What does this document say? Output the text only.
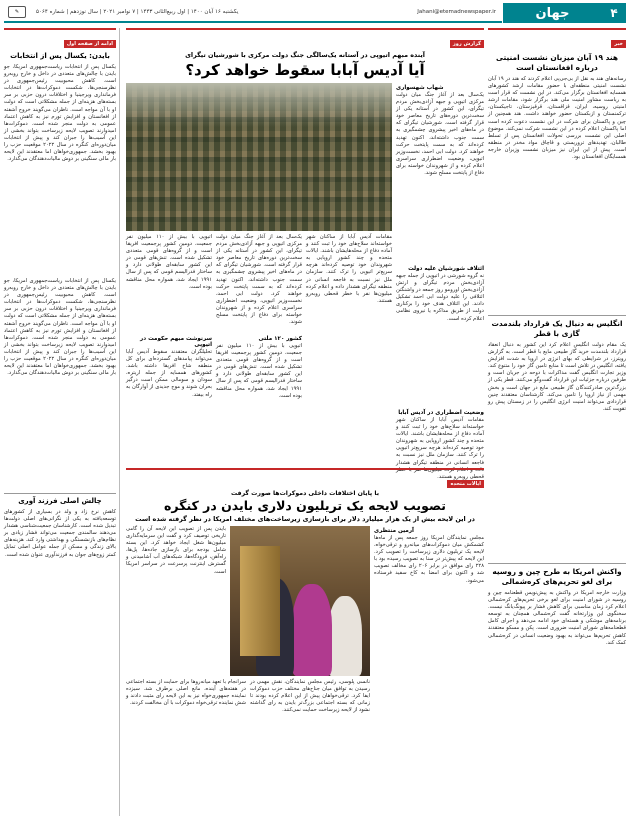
۴
جهان
Jahani@etemadnewspaper.ir
یکشنبه ۱۶ آبان ۱۴۰۰ | اول ربیع‌الثانی ۱۴۴۳ | ۷ نوامبر ۲۰۲۱ | سال نوزدهم | شماره ۵۰۶۴
✎
خبر
هند ۱۹ آبان میزبان نشست امنیتی درباره افغانستان است
رسانه‌های هند به نقل از بی‌جی‌پی اعلام کردند که هند در ۱۹ آبان نشست امنیتی منطقه‌ای با حضور مقامات ارشد کشورهای همسایه افغانستان برگزار می‌کند. در این نشست که قرار است به ریاست مشاور امنیت ملی هند برگزار شود، مقامات ارشد امنیتی روسیه، ایران، قزاقستان، قرقیزستان، تاجیکستان، ترکمنستان و ازبکستان حضور خواهند داشت. هند همچنین از چین و پاکستان برای شرکت در این نشست دعوت کرده است اما پاکستان اعلام کرده در این نشست شرکت نمی‌کند. موضوع اصلی این نشست بررسی تحولات افغانستان پس از تسلط طالبان، تهدیدهای تروریستی و قاچاق مواد مخدر در منطقه است. پیش از این ایران نیز میزبان نشست وزیران خارجه همسایگان افغانستان بود.
انگلیس به دنبال یک قرارداد بلندمدت گازی با قطر
یک مقام دولت انگلیس اعلام کرد این کشور به دنبال انعقاد قرارداد بلندمدت خرید گاز طبیعی مایع با قطر است. به گزارش رویترز، در شرایطی که بهای انرژی در اروپا به شدت افزایش یافته، انگلیس در تلاش است تا منابع تامین گاز خود را متنوع کند. وزیر تجارت انگلیس گفت مذاکرات با دوحه در جریان است و طرفین درباره جزئیات این قرارداد گفت‌وگو می‌کنند. قطر یکی از بزرگ‌ترین صادرکنندگان گاز طبیعی مایع در جهان است و بخش مهمی از نیاز اروپا را تامین می‌کند. کارشناسان معتقدند چنین قراردادی می‌تواند امنیت انرژی انگلیس را در زمستان پیش رو تقویت کند.
واکنش امریکا به طرح چین و روسیه برای لغو تحریم‌های کره‌شمالی
وزارت خارجه امریکا در واکنش به پیش‌نویس قطعنامه چین و روسیه در شورای امنیت برای لغو برخی تحریم‌های کره‌شمالی اعلام کرد زمان مناسبی برای کاهش فشار بر پیونگ‌یانگ نیست. سخنگوی این وزارتخانه گفت کره‌شمالی همچنان به توسعه برنامه‌های موشکی و هسته‌ای خود ادامه می‌دهد و اجرای کامل قطعنامه‌های شورای امنیت ضروری است. پکن و مسکو معتقدند کاهش تحریم‌ها می‌تواند به بهبود وضعیت انسانی در کره‌شمالی کمک کند.
گزارش روز
آینده مبهم اتیوپی در آستانه یک‌سالگی جنگ دولت مرکزی با شورشیان تیگرای
آیا آدیس آبابا سقوط خواهد کرد؟
شهاب شهسواری
یک‌سال بعد از آغاز جنگ میان دولت مرکزی اتیوپی و جبهه آزادی‌بخش مردم تیگرای، این کشور در آستانه یکی از سخت‌ترین دوره‌های تاریخ معاصر خود قرار گرفته است. شورشیان تیگرای که در ماه‌های اخیر پیشروی چشمگیری به سمت جنوب داشته‌اند، اکنون تهدید کرده‌اند که به سمت پایتخت حرکت خواهند کرد. دولت ابی احمد، نخست‌وزیر اتیوپی، وضعیت اضطراری سراسری اعلام کرده و از شهروندان خواسته برای دفاع از پایتخت مسلح شوند.
ائتلاف شورشیان علیه دولت
نه گروه شورشی در اتیوپی از جمله جبهه آزادی‌بخش مردم تیگرای و ارتش آزادی‌بخش اورومو روز جمعه در واشنگتن ائتلافی را علیه دولت ابی احمد تشکیل دادند. این ائتلاف هدف خود را برکناری دولت از طریق مذاکره یا نیروی نظامی اعلام کرده است.
وضعیت اضطراری در آدیس آبابا
مقامات آدیس آبابا از ساکنان شهر خواسته‌اند سلاح‌های خود را ثبت کنند و آماده دفاع از محله‌هایشان باشند. ایالات متحده و چند کشور اروپایی به شهروندان خود توصیه کرده‌اند هرچه سریع‌تر اتیوپی را ترک کنند. سازمان ملل نیز نسبت به فاجعه انسانی در منطقه تیگرای هشدار داده و اعلام کرده میلیون‌ها نفر با خطر قحطی روبه‌رو هستند.
مقامات آدیس آبابا از ساکنان شهر خواسته‌اند سلاح‌های خود را ثبت کنند و آماده دفاع از محله‌هایشان باشند. ایالات متحده و چند کشور اروپایی به شهروندان خود توصیه کرده‌اند هرچه سریع‌تر اتیوپی را ترک کنند. سازمان ملل نیز نسبت به فاجعه انسانی در منطقه تیگرای هشدار داده و اعلام کرده میلیون‌ها نفر با خطر قحطی روبه‌رو هستند.
یک‌سال بعد از آغاز جنگ میان دولت مرکزی اتیوپی و جبهه آزادی‌بخش مردم تیگرای، این کشور در آستانه یکی از سخت‌ترین دوره‌های تاریخ معاصر خود قرار گرفته است. شورشیان تیگرای که در ماه‌های اخیر پیشروی چشمگیری به سمت جنوب داشته‌اند، اکنون تهدید کرده‌اند که به سمت پایتخت حرکت خواهند کرد. دولت ابی احمد، نخست‌وزیر اتیوپی، وضعیت اضطراری سراسری اعلام کرده و از شهروندان خواسته برای دفاع از پایتخت مسلح شوند.
کشور ۱۲۰ ملتی
اتیوپی با بیش از ۱۱۰ میلیون نفر جمعیت، دومین کشور پرجمعیت افریقا است و از گروه‌های قومی متعددی تشکیل شده است. تنش‌های قومی در این کشور سابقه‌ای طولانی دارد و ساختار فدرالیسم قومی که پس از سال ۱۹۹۱ ایجاد شد، همواره محل مناقشه بوده است.
اتیوپی با بیش از ۱۱۰ میلیون نفر جمعیت، دومین کشور پرجمعیت افریقا است و از گروه‌های قومی متعددی تشکیل شده است. تنش‌های قومی در این کشور سابقه‌ای طولانی دارد و ساختار فدرالیسم قومی که پس از سال ۱۹۹۱ ایجاد شد، همواره محل مناقشه بوده است.
سرنوشت مبهم حکومت در اتیوپی
تحلیلگران معتقدند سقوط آدیس آبابا می‌تواند پیامدهای گسترده‌ای برای کل منطقه شاخ افریقا داشته باشد. کشورهای همسایه از جمله اریتره، سودان و سومالی ممکن است درگیر بحران شوند و موج جدیدی از آوارگان به راه بیفتد.
ادامه از صفحه اول
بایدن: یکسال پس از انتخابات
یکسال پس از انتخابات ریاست‌جمهوری امریکا، جو بایدن با چالش‌های متعددی در داخل و خارج روبه‌رو است. کاهش محبوبیت رئیس‌جمهوری در نظرسنجی‌ها، شکست دموکرات‌ها در انتخابات فرمانداری ویرجینیا و اختلافات درون حزبی بر سر بسته‌های هزینه‌ای از جمله مشکلاتی است که دولت او با آن مواجه است. ناظران می‌گویند خروج آشفته از افغانستان و افزایش تورم نیز به کاهش اعتماد عمومی به دولت منجر شده است. دموکرات‌ها امیدوارند تصویب لایحه زیرساخت بتواند بخشی از این آسیب‌ها را جبران کند و پیش از انتخابات میان‌دوره‌ای کنگره در سال ۲۰۲۲ موقعیت حزب را بهبود بخشد. جمهوری‌خواهان اما معتقدند این لایحه بار مالی سنگینی بر دوش مالیات‌دهندگان می‌گذارد.
یکسال پس از انتخابات ریاست‌جمهوری امریکا، جو بایدن با چالش‌های متعددی در داخل و خارج روبه‌رو است. کاهش محبوبیت رئیس‌جمهوری در نظرسنجی‌ها، شکست دموکرات‌ها در انتخابات فرمانداری ویرجینیا و اختلافات درون حزبی بر سر بسته‌های هزینه‌ای از جمله مشکلاتی است که دولت او با آن مواجه است. ناظران می‌گویند خروج آشفته از افغانستان و افزایش تورم نیز به کاهش اعتماد عمومی به دولت منجر شده است. دموکرات‌ها امیدوارند تصویب لایحه زیرساخت بتواند بخشی از این آسیب‌ها را جبران کند و پیش از انتخابات میان‌دوره‌ای کنگره در سال ۲۰۲۲ موقعیت حزب را بهبود بخشد. جمهوری‌خواهان اما معتقدند این لایحه بار مالی سنگینی بر دوش مالیات‌دهندگان می‌گذارد.
چالش اصلی فرزند آوری
کاهش نرخ زاد و ولد در بسیاری از کشورهای توسعه‌یافته به یکی از نگرانی‌های اصلی دولت‌ها تبدیل شده است. کارشناسان جمعیت‌شناسی هشدار می‌دهند سالمندی جمعیت می‌تواند فشار زیادی بر نظام‌های بازنشستگی و بهداشتی وارد کند. هزینه‌های بالای زندگی و مسکن از جمله عوامل اصلی تمایل کمتر زوج‌های جوان به فرزندآوری عنوان شده است.
ایالات متحده
با پایان اختلافات داخلی دموکرات‌ها صورت گرفت
تصویب لایحه یک تریلیون دلاری بایدن در کنگره
در این لایحه بیش از یک هزار میلیارد دلار برای بازسازی زیرساخت‌های مختلف امریکا در نظر گرفته شده است
آرمین منتظری
مجلس نمایندگان امریکا روز جمعه پس از ماه‌ها کشمکش میان دموکرات‌های میانه‌رو و ترقی‌خواه، لایحه یک تریلیون دلاری زیرساخت را تصویب کرد. این لایحه که پیش‌تر در سنا به تصویب رسیده بود با ۲۲۸ رای موافق در برابر ۲۰۶ رای مخالف تصویب شد و اکنون برای امضا به کاخ سفید فرستاده می‌شود.
بایدن پس از تصویب این لایحه آن را گامی تاریخی توصیف کرد و گفت این سرمایه‌گذاری میلیون‌ها شغل ایجاد خواهد کرد. این بسته شامل بودجه برای بازسازی جاده‌ها، پل‌ها، راه‌آهن، فرودگاه‌ها، شبکه‌های آب آشامیدنی و گسترش اینترنت پرسرعت در سراسر امریکا است.
نانسی پلوسی، رئیس مجلس نمایندگان، نقش مهمی در رسیدن به توافق میان جناح‌های مختلف حزب دموکرات ایفا کرد. ترقی‌خواهان پیش از این اعلام کرده بودند تا زمانی که بسته اجتماعی بزرگ‌تر بایدن به رای گذاشته نشود از لایحه زیرساخت حمایت نمی‌کنند.
سرانجام با تعهد میانه‌روها برای حمایت از بسته اجتماعی در هفته‌های آینده، مانع اصلی برطرف شد. سیزده نماینده جمهوری‌خواه نیز به این لایحه رای مثبت دادند و شش نماینده ترقی‌خواه دموکرات با آن مخالفت کردند.
